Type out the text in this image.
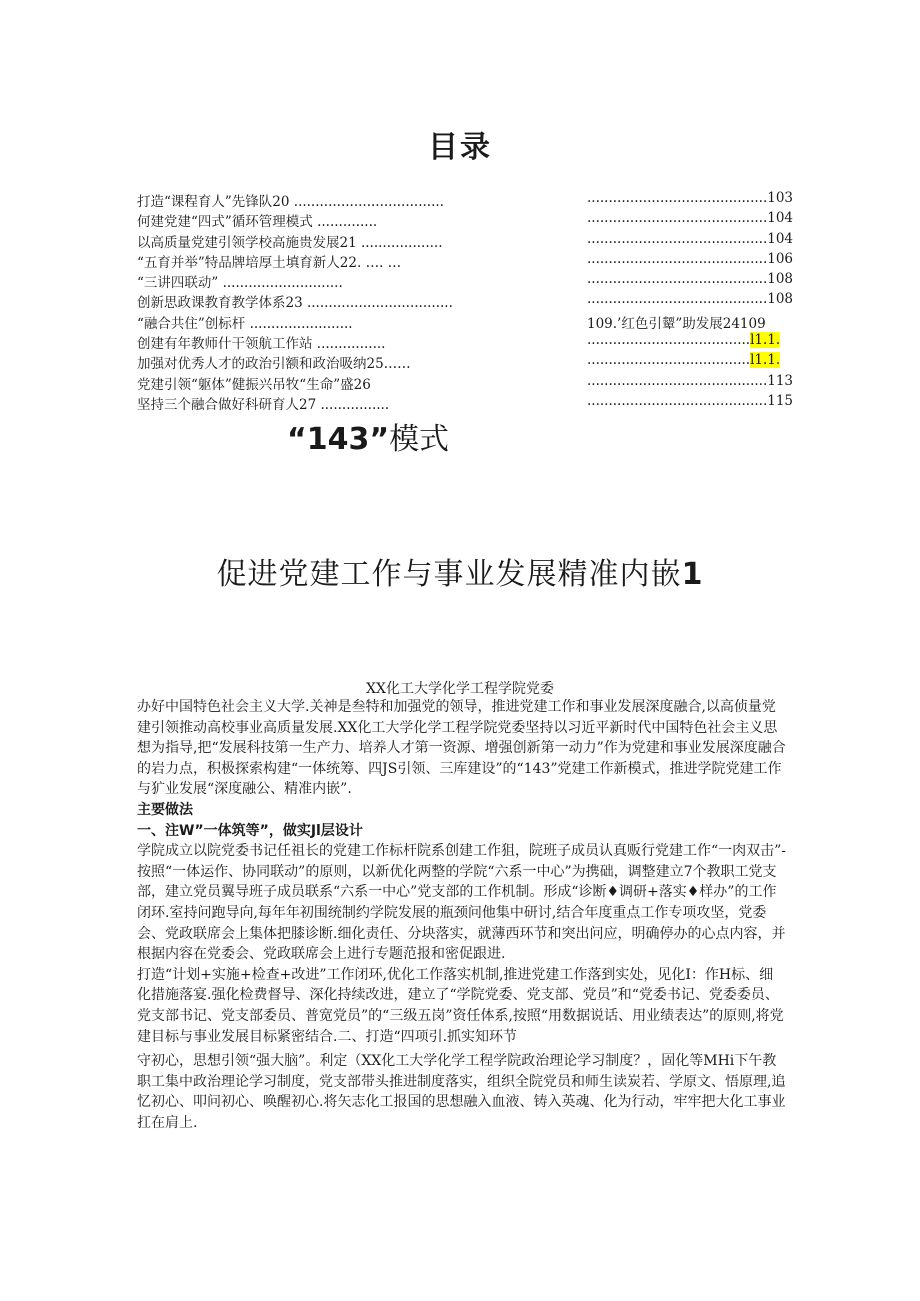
目录
打造“课程育人”先锋队20 ...................................	..........................................103
何建党建“四式”循环管理模式 ..............	..........................................104
以高质量党建引领学校高施贵发展21 ...................	..........................................104
“五育并举”特品牌培厚土填育新人22. …. …	..........................................106
“三讲四联动” ............................	..........................................108
创新思政课教育教学体系23 ..................................	..........................................108
“融合共住”创标杆 ........................	109.’红色引颦”助发展24109
创建有年教师什干领航工作站 ................	......................................l1.1.
加强对优秀人才的政治引额和政治吸纳25……	......................................l1.1.
党建引领“躯体”健振兴吊牧“生命”盛26	..........................................113
坚持三个融合做好科研育人27 ................	..........................................115
“143”模式
促进党建工作与事业发展精准内嵌1
XX化工大学化学工程学院党委

办好中国特色社会主义大学.关神是叁特和加强党的领导，推进党建工作和事业发展深度融合,以高侦量党建引领推动高校事业高质量发展.XX化工大学化学工程学院党委坚持以习近平新时代中国特色社会主义思想为指导,把“发展科技第一生产力、培养人才第一资源、增强创新第一动力”作为党建和事业发展深度融合的岩力点，积极探索构建“一体统筹、四JS引领、三库建设”的“143”党建工作新模式，推进学院党建工作与犷业发展“深度融公、精准内嵌”.

主要做法
一、注W”一体筑等”，做实Jl层设计

学院成立以院党委书记任祖长的党建工作标杆院系创建工作狙，院班子成员认真贩行党建工作“一肉双击”-按照“一体运作、协同联动”的原则，以新优化两整的学院“六系一中心”为携础，调整建立7个教职工党支部，建立党员翼导班子成员联系“六系一中心”党支部的工作机制。形成“诊断♦调研+落实♦样办”的工作闭环.室持问跑导向,每年年初围统制约学院发展的瓶颈问他集中研讨,结合年度重点工作专项攻坚，党委会、党政联席会上集体把膝诊断.细化责任、分块落实，就薄西环节和突出问应，明确停办的心点内容，并根据内容在党委会、党政联席会上进行专题范报和密促跟进.

打造“计划+实施+检查+改进”工作闭环,优化工作落实机制,推进党建工作落到实处，见化I：作H标、细化措施落宴.强化检费督导、深化持续改进，建立了“学院党委、党支部、党员”和“党委书记、党委委员、党支部书记、党支部委员、普宽党员”的“三级五岗”资任体系,按照“用数据说话、用业绩表达”的原则,将党建目标与事业发展目标紧密结合.二、打造“四项引.抓实知环节

守初心，思想引领“强大脑”。利定（XX化工大学化学工程学院政治理论学习制度？，固化等MHi下午教职工集中政治理论学习制度，党支部带头推进制度落实，组织全院党员和师生读炭若、学原文、悟原理,追忆初心、叩问初心、唤醒初心.将矢志化工报国的思想融入血液、铸入英魂、化为行动，牢牢把大化工事业扛在肩上.
